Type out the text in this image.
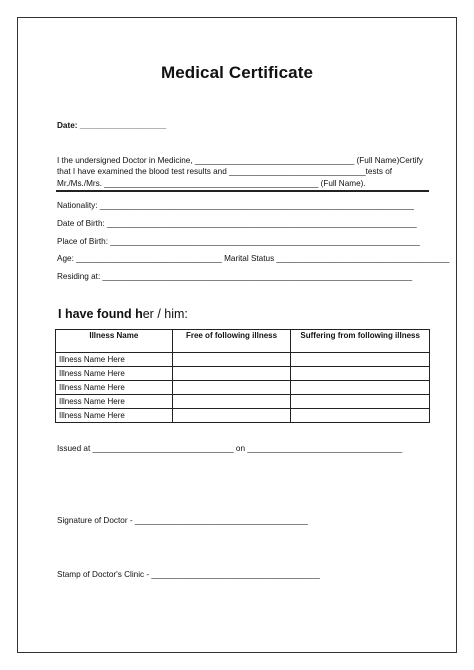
Medical Certificate
Date: ___________________
I the undersigned Doctor in Medicine, ___________________________________ (Full Name)Certify
that I have examined the blood test results and ______________________________tests of
Mr./Ms./Mrs. _______________________________________________ (Full Name).
Nationality: _____________________________________________________________________
Date of Birth: ____________________________________________________________________
Place of Birth: ____________________________________________________________________
Age: ________________________________ Marital Status ______________________________________
Residing at: ____________________________________________________________________
I have found her / him:
Illness Name	Free of following illness	Suffering from following illness
Illness Name Here		
Illness Name Here		
Illness Name Here		
Illness Name Here		
Illness Name Here		
Issued at _______________________________ on __________________________________
Signature of Doctor - ______________________________________
Stamp of Doctor's Clinic - _____________________________________
